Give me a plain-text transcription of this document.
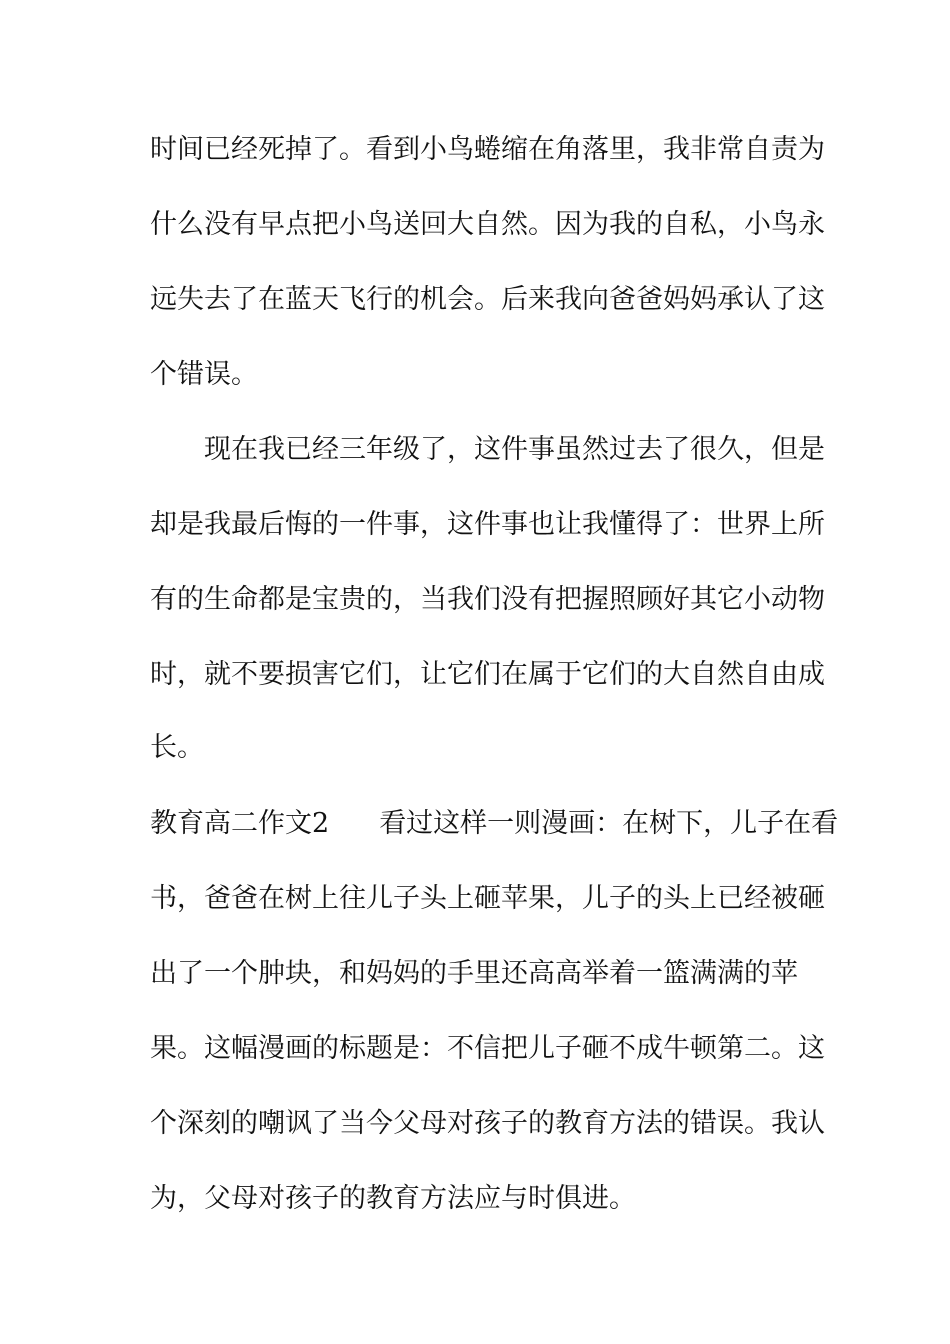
时间已经死掉了。看到小鸟蜷缩在角落里，我非常自责为
什么没有早点把小鸟送回大自然。因为我的自私，小鸟永
远失去了在蓝天飞行的机会。后来我向爸爸妈妈承认了这
个错误。
　　现在我已经三年级了，这件事虽然过去了很久，但是
却是我最后悔的一件事，这件事也让我懂得了：世界上所
有的生命都是宝贵的，当我们没有把握照顾好其它小动物
时，就不要损害它们，让它们在属于它们的大自然自由成
长。
教育高二作文2 看过这样一则漫画：在树下，儿子在看
书，爸爸在树上往儿子头上砸苹果，儿子的头上已经被砸
出了一个肿块，和妈妈的手里还高高举着一篮满满的苹
果。这幅漫画的标题是：不信把儿子砸不成牛顿第二。这
个深刻的嘲讽了当今父母对孩子的教育方法的错误。我认
为，父母对孩子的教育方法应与时俱进。
